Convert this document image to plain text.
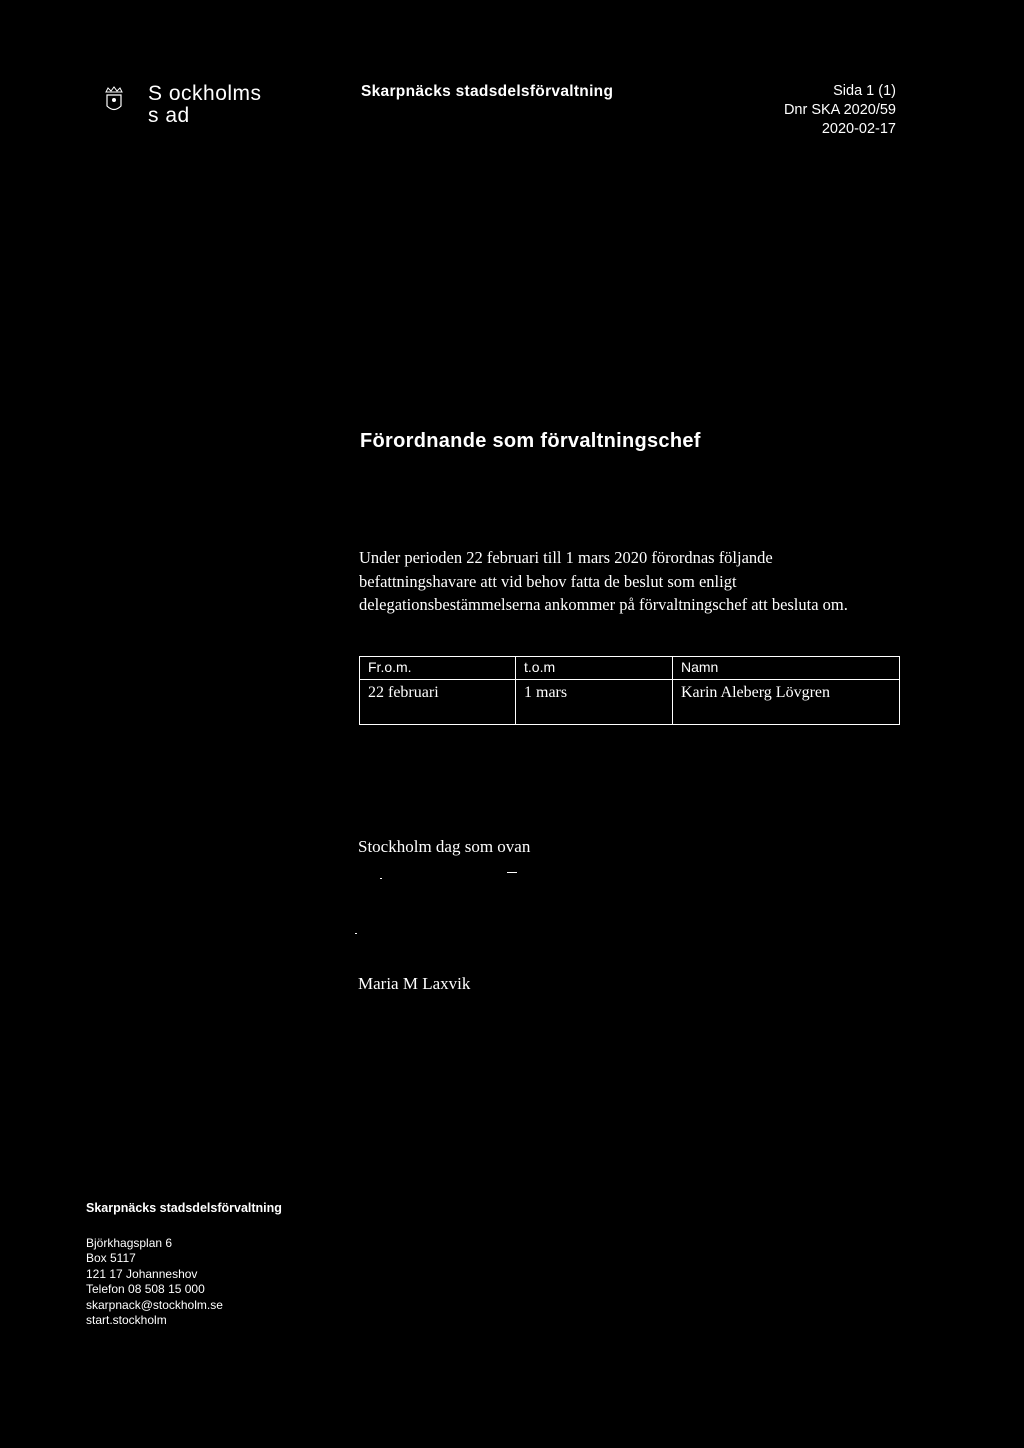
S ockholms
s ad
Skarpnäcks stadsdelsförvaltning	Sida 1 (1)
Dnr SKA 2020/59
2020-02-17
Förordnande som förvaltningschef
Under perioden 22 februari till 1 mars 2020 förordnas följande befattningshavare att vid behov fatta de beslut som enligt delegationsbestämmelserna ankommer på förvaltningschef att besluta om.
Fr.o.m.	t.o.m	Namn
22 februari	1 mars	Karin Aleberg Lövgren
Stockholm dag som ovan
Maria M Laxvik
Skarpnäcks stadsdelsförvaltning
Björkhagsplan 6
Box 5117
121 17 Johanneshov
Telefon 08 508 15 000
skarpnack@stockholm.se
start.stockholm
